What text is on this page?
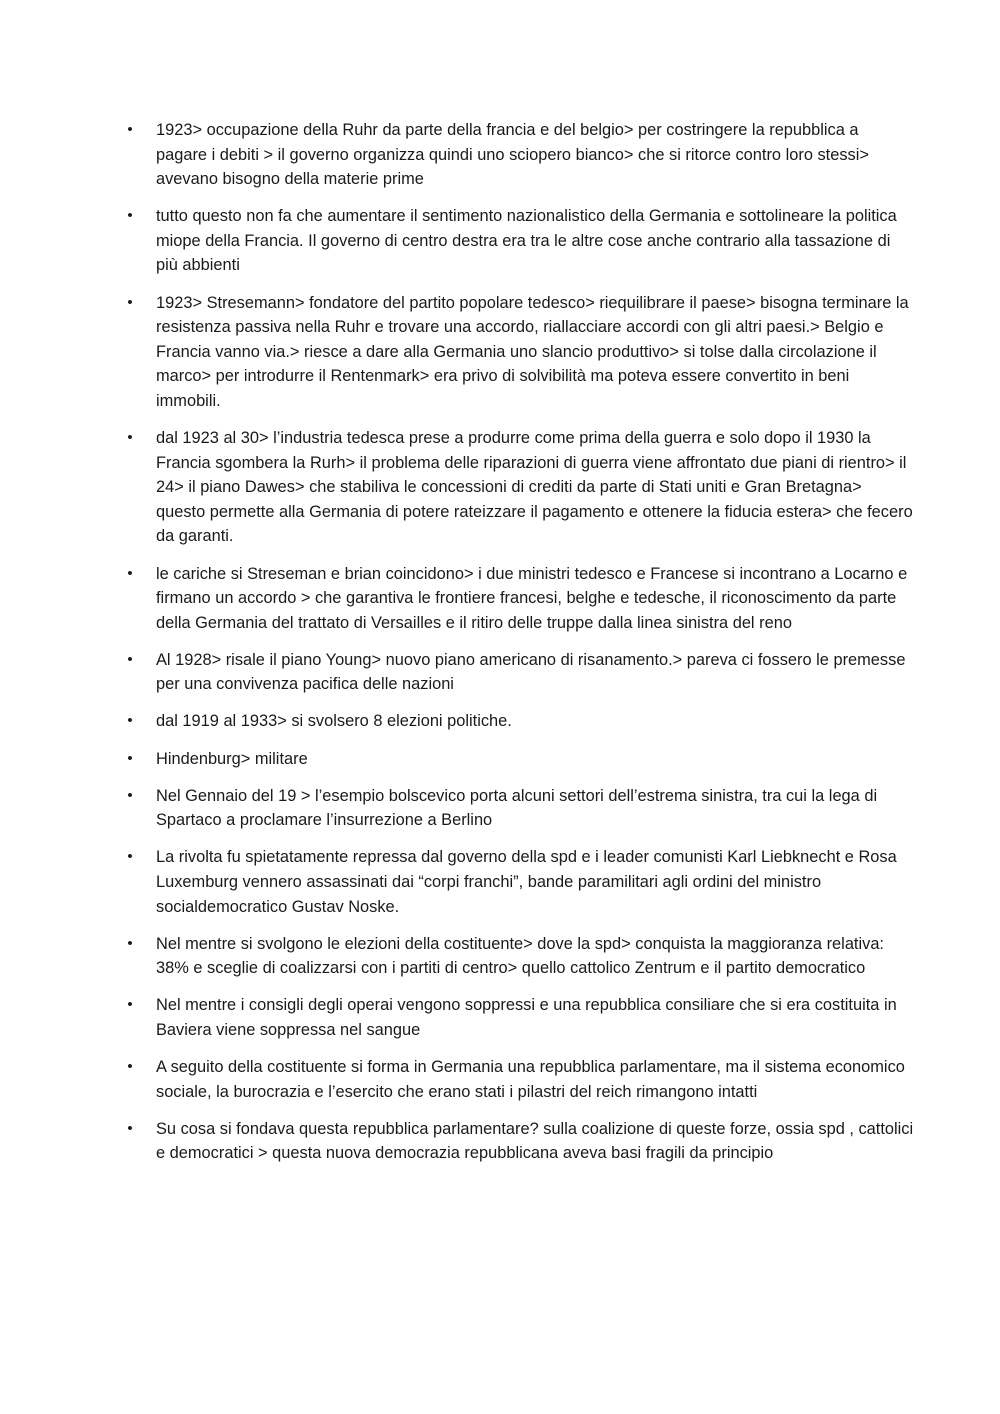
• 1923> occupazione della Ruhr da parte della francia e del belgio> per costringere la repubblica a pagare i debiti > il governo organizza quindi uno sciopero bianco> che si ritorce contro loro stessi> avevano bisogno della materie prime
• tutto questo non fa che aumentare il sentimento nazionalistico della Germania e sottolineare la politica miope della Francia. Il governo di centro destra era tra le altre cose anche contrario alla tassazione di più abbienti
• 1923> Stresemann> fondatore del partito popolare tedesco> riequilibrare il paese> bisogna terminare la resistenza passiva nella Ruhr e trovare una accordo, riallacciare accordi con gli altri paesi.> Belgio e Francia vanno via.> riesce a dare alla Germania uno slancio produttivo> si tolse dalla circolazione il marco> per introdurre il Rentenmark> era privo di solvibilità ma poteva essere convertito in beni immobili.
• dal 1923 al 30> l’industria tedesca prese a produrre come prima della guerra e solo dopo il 1930 la Francia sgombera la Rurh> il problema delle riparazioni di guerra viene affrontato due piani di rientro> il 24> il piano Dawes> che stabiliva le concessioni di crediti da parte di Stati uniti e Gran Bretagna> questo permette alla Germania di potere rateizzare il pagamento e ottenere la fiducia estera> che fecero da garanti.
• le cariche si Streseman e brian coincidono> i due ministri tedesco e Francese si incontrano a Locarno e firmano un accordo > che garantiva le frontiere francesi, belghe e tedesche, il riconoscimento da parte della Germania del trattato di Versailles e il ritiro delle truppe dalla linea sinistra del reno
• Al 1928> risale il piano Young> nuovo piano americano di risanamento.> pareva ci fossero le premesse per una convivenza pacifica delle nazioni
• dal 1919 al 1933> si svolsero 8 elezioni politiche.
• Hindenburg> militare
• Nel Gennaio del 19 > l’esempio bolscevico porta alcuni settori dell’estrema sinistra, tra cui la lega di Spartaco a proclamare l’insurrezione a Berlino
• La rivolta fu spietatamente repressa dal governo della spd e i leader comunisti Karl Liebknecht e Rosa Luxemburg vennero assassinati dai “corpi franchi”, bande paramilitari agli ordini del ministro socialdemocratico Gustav Noske.
• Nel mentre si svolgono le elezioni della costituente> dove la spd> conquista la maggioranza relativa: 38% e sceglie di coalizzarsi con i partiti di centro> quello cattolico Zentrum e il partito democratico
• Nel mentre i consigli degli operai vengono soppressi e una repubblica consiliare che si era costituita in Baviera viene soppressa nel sangue
• A seguito della costituente si forma in Germania una repubblica parlamentare, ma il sistema economico sociale, la burocrazia e l’esercito che erano stati i pilastri del reich rimangono intatti
• Su cosa si fondava questa repubblica parlamentare? sulla coalizione di queste forze, ossia spd , cattolici e democratici > questa nuova democrazia repubblicana aveva basi fragili da principio
